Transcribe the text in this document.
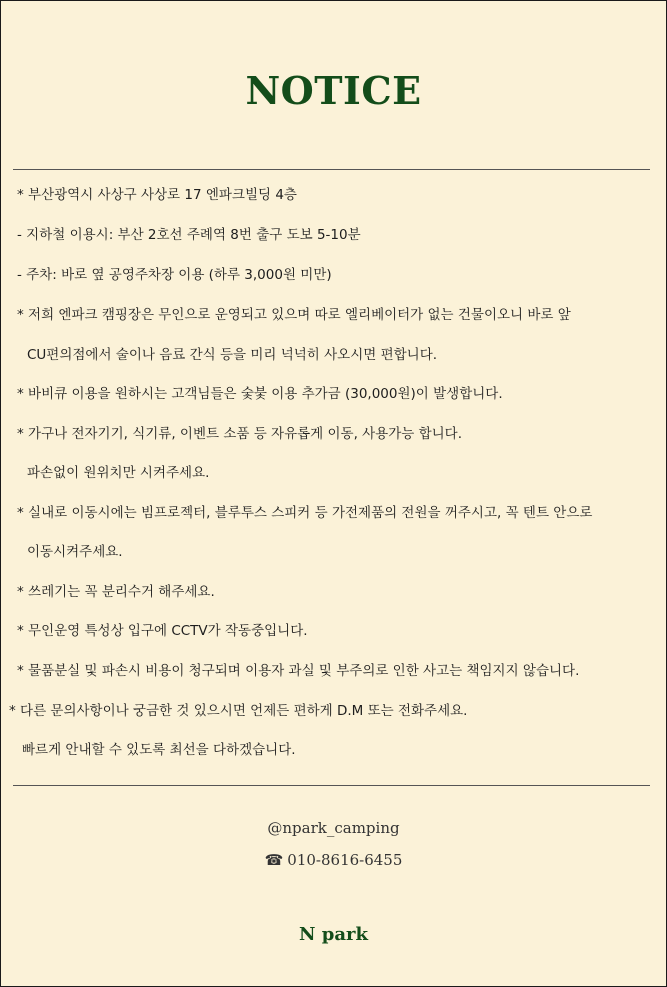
NOTICE
* 부산광역시 사상구 사상로 17 엔파크빌딩 4층
- 지하철 이용시: 부산 2호선 주례역 8번 출구 도보 5-10분
- 주차: 바로 옆 공영주차장 이용 (하루 3,000원 미만)
* 저희 엔파크 캠핑장은 무인으로 운영되고 있으며 따로 엘리베이터가 없는 건물이오니 바로 앞
CU편의점에서 술이나 음료 간식 등을 미리 넉넉히 사오시면 편합니다.
* 바비큐 이용을 원하시는 고객님들은 숯붗 이용 추가금 (30,000원)이 발생합니다.
* 가구나 전자기기, 식기류, 이벤트 소품 등 자유롭게 이동, 사용가능 합니다.
파손없이 원위치만 시켜주세요.
* 실내로 이동시에는 빔프로젝터, 블루투스 스피커 등 가전제품의 전원을 꺼주시고, 꼭 텐트 안으로
이동시켜주세요.
* 쓰레기는 꼭 분리수거 해주세요.
* 무인운영 특성상 입구에 CCTV가 작동중입니다.
* 물품분실 및 파손시 비용이 청구되며 이용자 과실 및 부주의로 인한 사고는 책임지지 않습니다.
* 다른 문의사항이나 궁금한 것 있으시면 언제든 편하게 D.M 또는 전화주세요.
빠르게 안내할 수 있도록 최선을 다하겠습니다.
@npark_camping
☎ 010-8616-6455
N park
